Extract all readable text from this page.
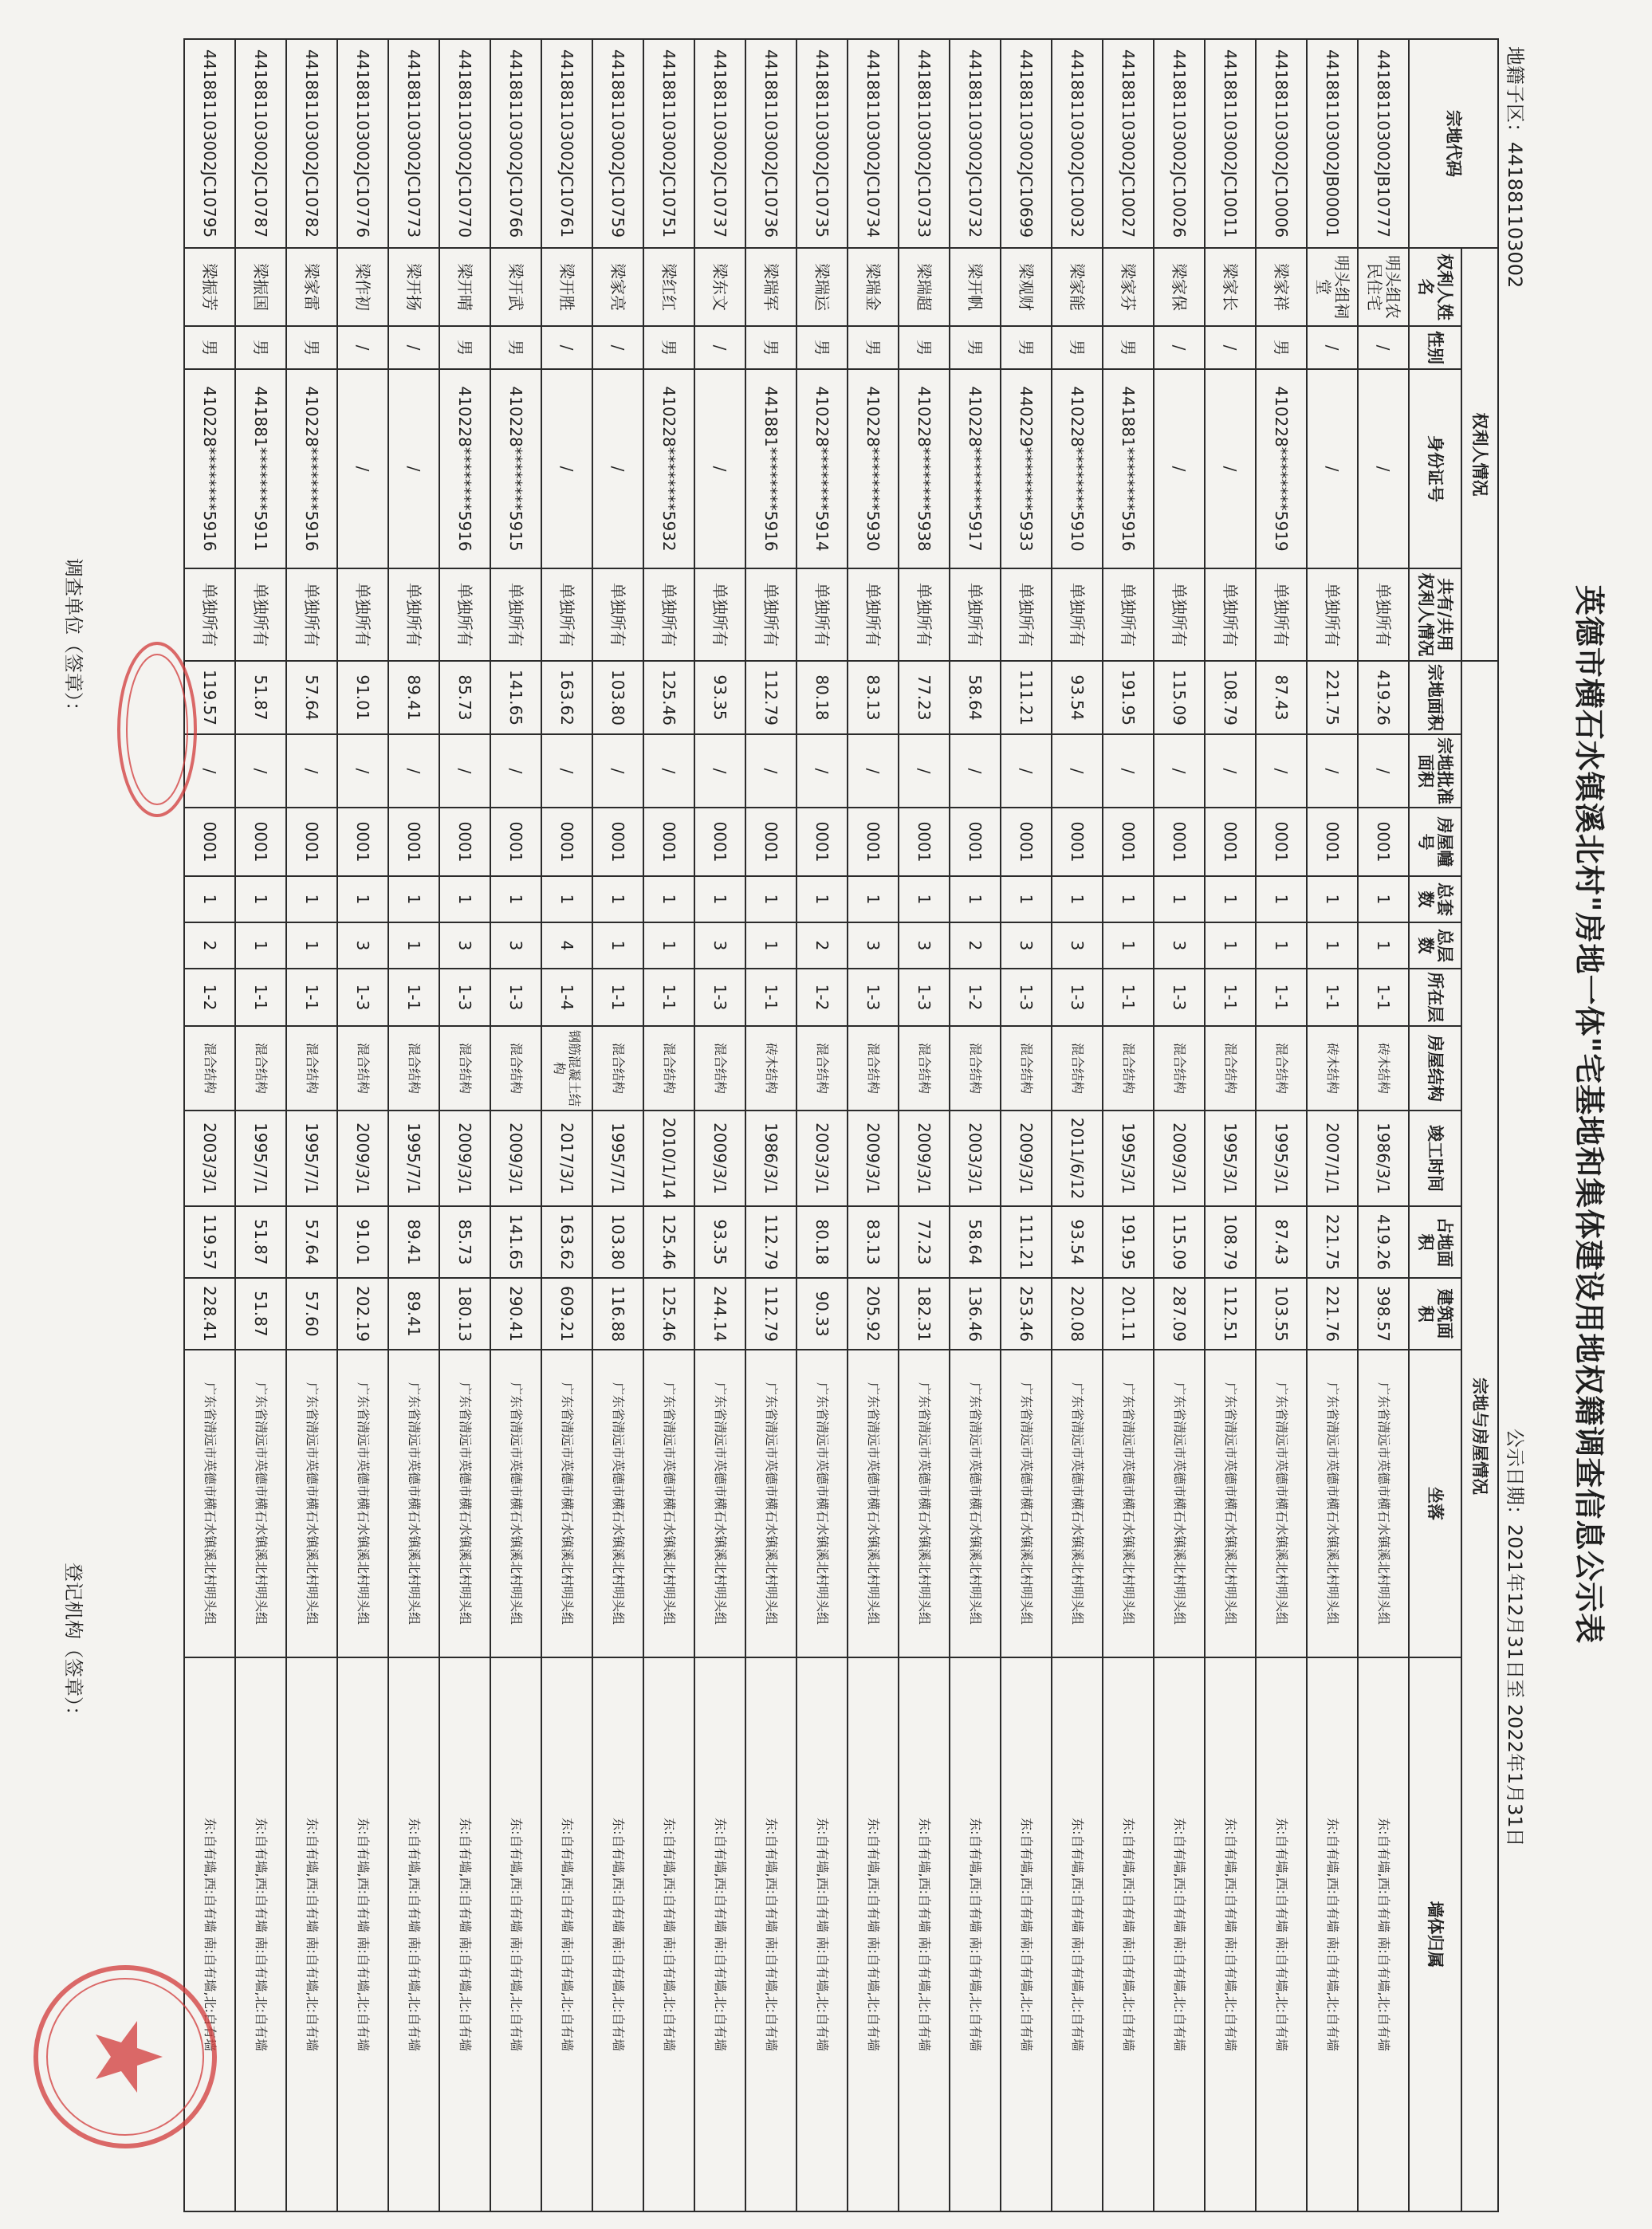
英德市横石水镇溪北村"房地一体"宅基地和集体建设用地权籍调查信息公示表
地籍子区：441881103002
公示日期：2021年12月31日至 2022年1月31日
宗地代码	权利人情况				宗地与房屋情况											
	权利人姓名	性别	身份证号	共有/共用权利人情况	宗地面积	宗地批准面积	房屋幢号	总套数	总层数	所在层	房屋结构	竣工时间	占地面积	建筑面积	坐落	墙体归属
441881103002JB10777	明头组农民住宅	/	/	单独所有	419.26	/	0001	1	1	1-1	砖木结构	1986/3/1	419.26	398.57	广东省清远市英德市横石水镇溪北村明头组	东:自有墙,西:自有墙 南:自有墙,北:自有墙
441881103002JB00001	明头组祠堂	/	/	单独所有	221.75	/	0001	1	1	1-1	砖木结构	2007/1/1	221.75	221.76	广东省清远市英德市横石水镇溪北村明头组	东:自有墙,西:自有墙 南:自有墙,北:自有墙
441881103002JC10006	梁家祥	男	410228********5919	单独所有	87.43	/	0001	1	1	1-1	混合结构	1995/3/1	87.43	103.55	广东省清远市英德市横石水镇溪北村明头组	东:自有墙,西:自有墙 南:自有墙,北:自有墙
441881103002JC10011	梁家长	/	/	单独所有	108.79	/	0001	1	1	1-1	混合结构	1995/3/1	108.79	112.51	广东省清远市英德市横石水镇溪北村明头组	东:自有墙,西:自有墙 南:自有墙,北:自有墙
441881103002JC10026	梁家保	/	/	单独所有	115.09	/	0001	1	3	1-3	混合结构	2009/3/1	115.09	287.09	广东省清远市英德市横石水镇溪北村明头组	东:自有墙,西:自有墙 南:自有墙,北:自有墙
441881103002JC10027	梁家芬	男	441881********5916	单独所有	191.95	/	0001	1	1	1-1	混合结构	1995/3/1	191.95	201.11	广东省清远市英德市横石水镇溪北村明头组	东:自有墙,西:自有墙 南:自有墙,北:自有墙
441881103002JC10032	梁家能	男	410228********5910	单独所有	93.54	/	0001	1	3	1-3	混合结构	2011/6/12	93.54	220.08	广东省清远市英德市横石水镇溪北村明头组	东:自有墙,西:自有墙 南:自有墙,北:自有墙
441881103002JC10699	梁观财	男	440229********5933	单独所有	111.21	/	0001	1	3	1-3	混合结构	2009/3/1	111.21	253.46	广东省清远市英德市横石水镇溪北村明头组	东:自有墙,西:自有墙 南:自有墙,北:自有墙
441881103002JC10732	梁开帆	男	410228********5917	单独所有	58.64	/	0001	1	2	1-2	混合结构	2003/3/1	58.64	136.46	广东省清远市英德市横石水镇溪北村明头组	东:自有墙,西:自有墙 南:自有墙,北:自有墙
441881103002JC10733	梁瑞超	男	410228********5938	单独所有	77.23	/	0001	1	3	1-3	混合结构	2009/3/1	77.23	182.31	广东省清远市英德市横石水镇溪北村明头组	东:自有墙,西:自有墙 南:自有墙,北:自有墙
441881103002JC10734	梁瑞金	男	410228********5930	单独所有	83.13	/	0001	1	3	1-3	混合结构	2009/3/1	83.13	205.92	广东省清远市英德市横石水镇溪北村明头组	东:自有墙,西:自有墙 南:自有墙,北:自有墙
441881103002JC10735	梁瑞运	男	410228********5914	单独所有	80.18	/	0001	1	2	1-2	混合结构	2003/3/1	80.18	90.33	广东省清远市英德市横石水镇溪北村明头组	东:自有墙,西:自有墙 南:自有墙,北:自有墙
441881103002JC10736	梁瑞军	男	441881********5916	单独所有	112.79	/	0001	1	1	1-1	砖木结构	1986/3/1	112.79	112.79	广东省清远市英德市横石水镇溪北村明头组	东:自有墙,西:自有墙 南:自有墙,北:自有墙
441881103002JC10737	梁东文	/	/	单独所有	93.35	/	0001	1	3	1-3	混合结构	2009/3/1	93.35	244.14	广东省清远市英德市横石水镇溪北村明头组	东:自有墙,西:自有墙 南:自有墙,北:自有墙
441881103002JC10751	梁红红	男	410228********5932	单独所有	125.46	/	0001	1	1	1-1	混合结构	2010/1/14	125.46	125.46	广东省清远市英德市横石水镇溪北村明头组	东:自有墙,西:自有墙 南:自有墙,北:自有墙
441881103002JC10759	梁家亮	/	/	单独所有	103.80	/	0001	1	1	1-1	混合结构	1995/7/1	103.80	116.88	广东省清远市英德市横石水镇溪北村明头组	东:自有墙,西:自有墙 南:自有墙,北:自有墙
441881103002JC10761	梁开胜	/	/	单独所有	163.62	/	0001	1	4	1-4	钢筋混凝土结构	2017/3/1	163.62	609.21	广东省清远市英德市横石水镇溪北村明头组	东:自有墙,西:自有墙 南:自有墙,北:自有墙
441881103002JC10766	梁开武	男	410228********5915	单独所有	141.65	/	0001	1	3	1-3	混合结构	2009/3/1	141.65	290.41	广东省清远市英德市横石水镇溪北村明头组	东:自有墙,西:自有墙 南:自有墙,北:自有墙
441881103002JC10770	梁开晴	男	410228********5916	单独所有	85.73	/	0001	1	3	1-3	混合结构	2009/3/1	85.73	180.13	广东省清远市英德市横石水镇溪北村明头组	东:自有墙,西:自有墙 南:自有墙,北:自有墙
441881103002JC10773	梁开扬	/	/	单独所有	89.41	/	0001	1	1	1-1	混合结构	1995/7/1	89.41	89.41	广东省清远市英德市横石水镇溪北村明头组	东:自有墙,西:自有墙 南:自有墙,北:自有墙
441881103002JC10776	梁作初	/	/	单独所有	91.01	/	0001	1	3	1-3	混合结构	2009/3/1	91.01	202.19	广东省清远市英德市横石水镇溪北村明头组	东:自有墙,西:自有墙 南:自有墙,北:自有墙
441881103002JC10782	梁家雷	男	410228********5916	单独所有	57.64	/	0001	1	1	1-1	混合结构	1995/7/1	57.64	57.60	广东省清远市英德市横石水镇溪北村明头组	东:自有墙,西:自有墙 南:自有墙,北:自有墙
441881103002JC10787	梁振国	男	441881********5911	单独所有	51.87	/	0001	1	1	1-1	混合结构	1995/7/1	51.87	51.87	广东省清远市英德市横石水镇溪北村明头组	东:自有墙,西:自有墙 南:自有墙,北:自有墙
441881103002JC10795	梁振芳	男	410228********5916	单独所有	119.57	/	0001	1	2	1-2	混合结构	2003/3/1	119.57	228.41	广东省清远市英德市横石水镇溪北村明头组	东:自有墙,西:自有墙 南:自有墙,北:自有墙
调查单位（签章）：
登记机构（签章）：
